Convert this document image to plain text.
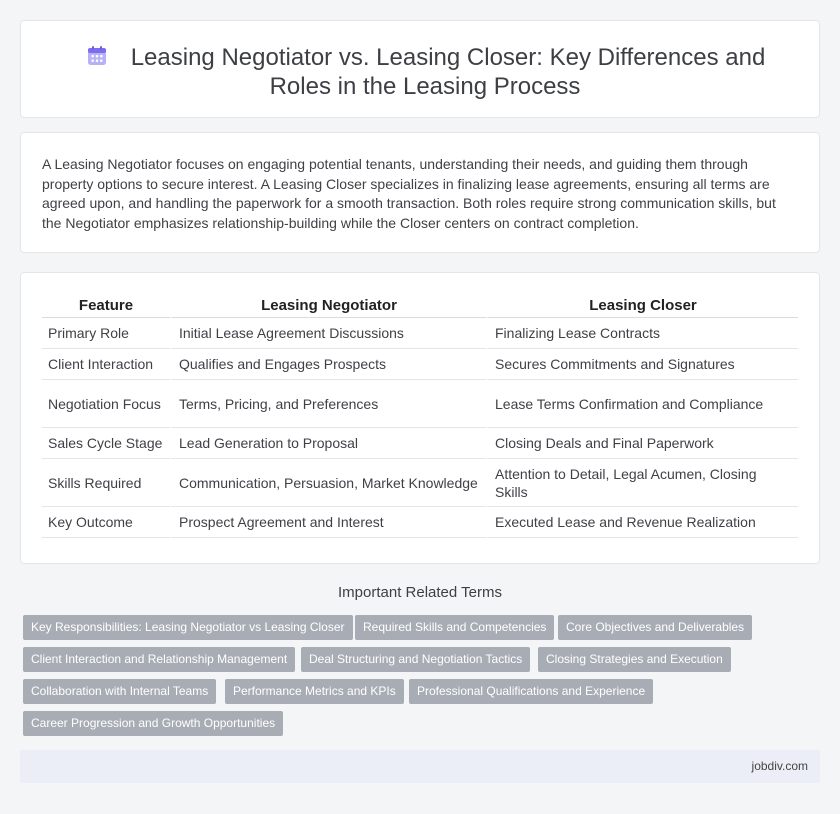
Leasing Negotiator vs. Leasing Closer: Key Differences and Roles in the Leasing Process

A Leasing Negotiator focuses on engaging potential tenants, understanding their needs, and guiding them through property options to secure interest. A Leasing Closer specializes in finalizing lease agreements, ensuring all terms are agreed upon, and handling the paperwork for a smooth transaction. Both roles require strong communication skills, but the Negotiator emphasizes relationship-building while the Closer centers on contract completion.

Feature	Leasing Negotiator	Leasing Closer
Primary Role	Initial Lease Agreement Discussions	Finalizing Lease Contracts
Client Interaction	Qualifies and Engages Prospects	Secures Commitments and Signatures
Negotiation Focus	Terms, Pricing, and Preferences	Lease Terms Confirmation and Compliance
Sales Cycle Stage	Lead Generation to Proposal	Closing Deals and Final Paperwork
Skills Required	Communication, Persuasion, Market Knowledge	Attention to Detail, Legal Acumen, Closing Skills
Key Outcome	Prospect Agreement and Interest	Executed Lease and Revenue Realization
Important Related Terms
Key Responsibilities: Leasing Negotiator vs Leasing Closer	Required Skills and Competencies	Core Objectives and Deliverables
Client Interaction and Relationship Management	Deal Structuring and Negotiation Tactics	Closing Strategies and Execution
Collaboration with Internal Teams	Performance Metrics and KPIs	Professional Qualifications and Experience
Career Progression and Growth Opportunities
jobdiv.com
